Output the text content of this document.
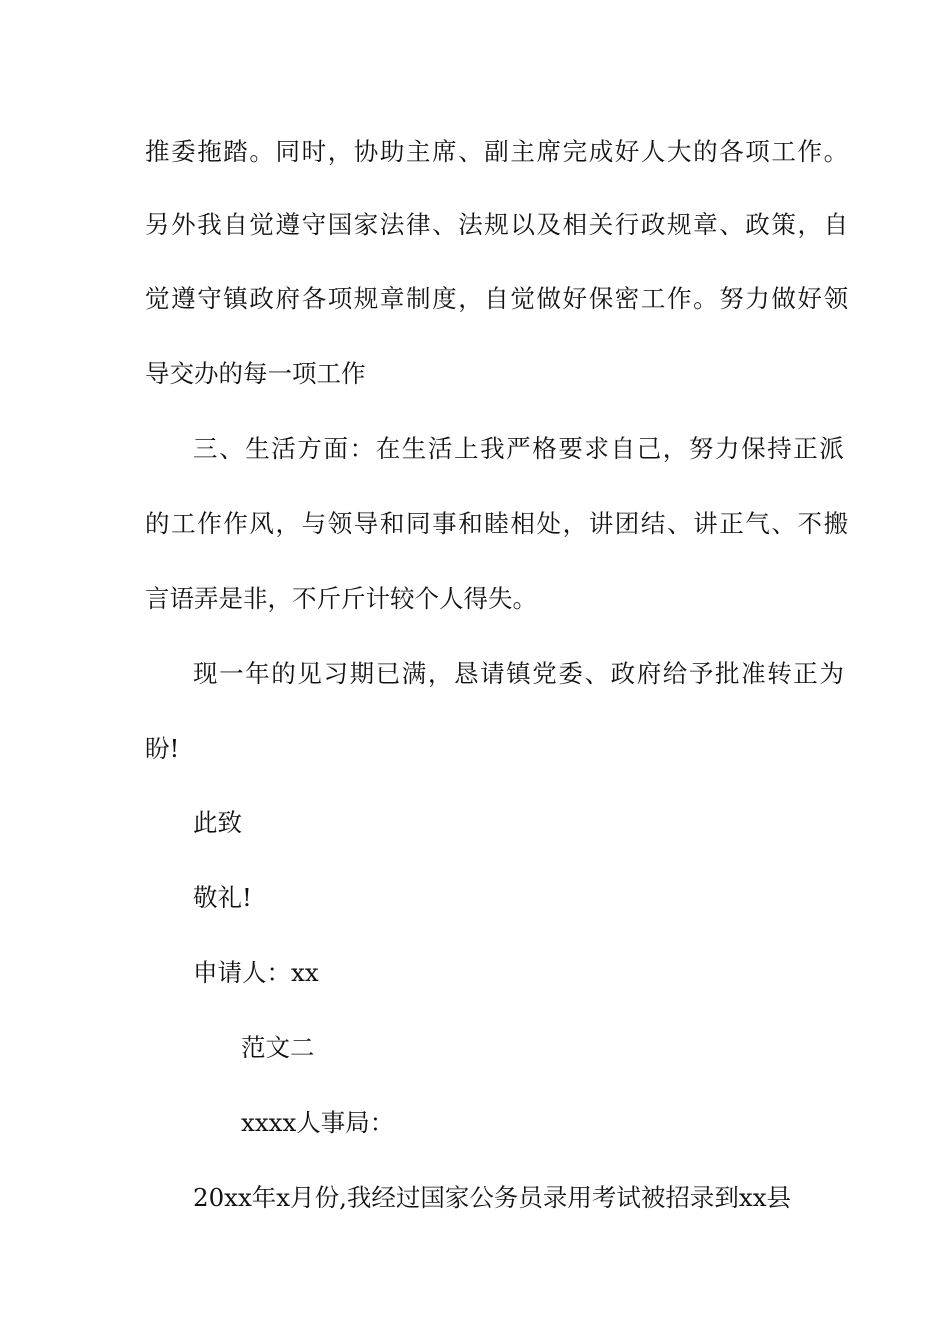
推委拖踏。同时，协助主席、副主席完成好人大的各项工作。
另外我自觉遵守国家法律、法规以及相关行政规章、政策，自
觉遵守镇政府各项规章制度，自觉做好保密工作。努力做好领
导交办的每一项工作
三、生活方面：在生活上我严格要求自己，努力保持正派
的工作作风，与领导和同事和睦相处，讲团结、讲正气、不搬
言语弄是非，不斤斤计较个人得失。
现一年的见习期已满，恳请镇党委、政府给予批准转正为
盼!
此致
敬礼!
申请人：xx
范文二
xxxx人事局：
20xx年x月份,我经过国家公务员录用考试被招录到xx县
